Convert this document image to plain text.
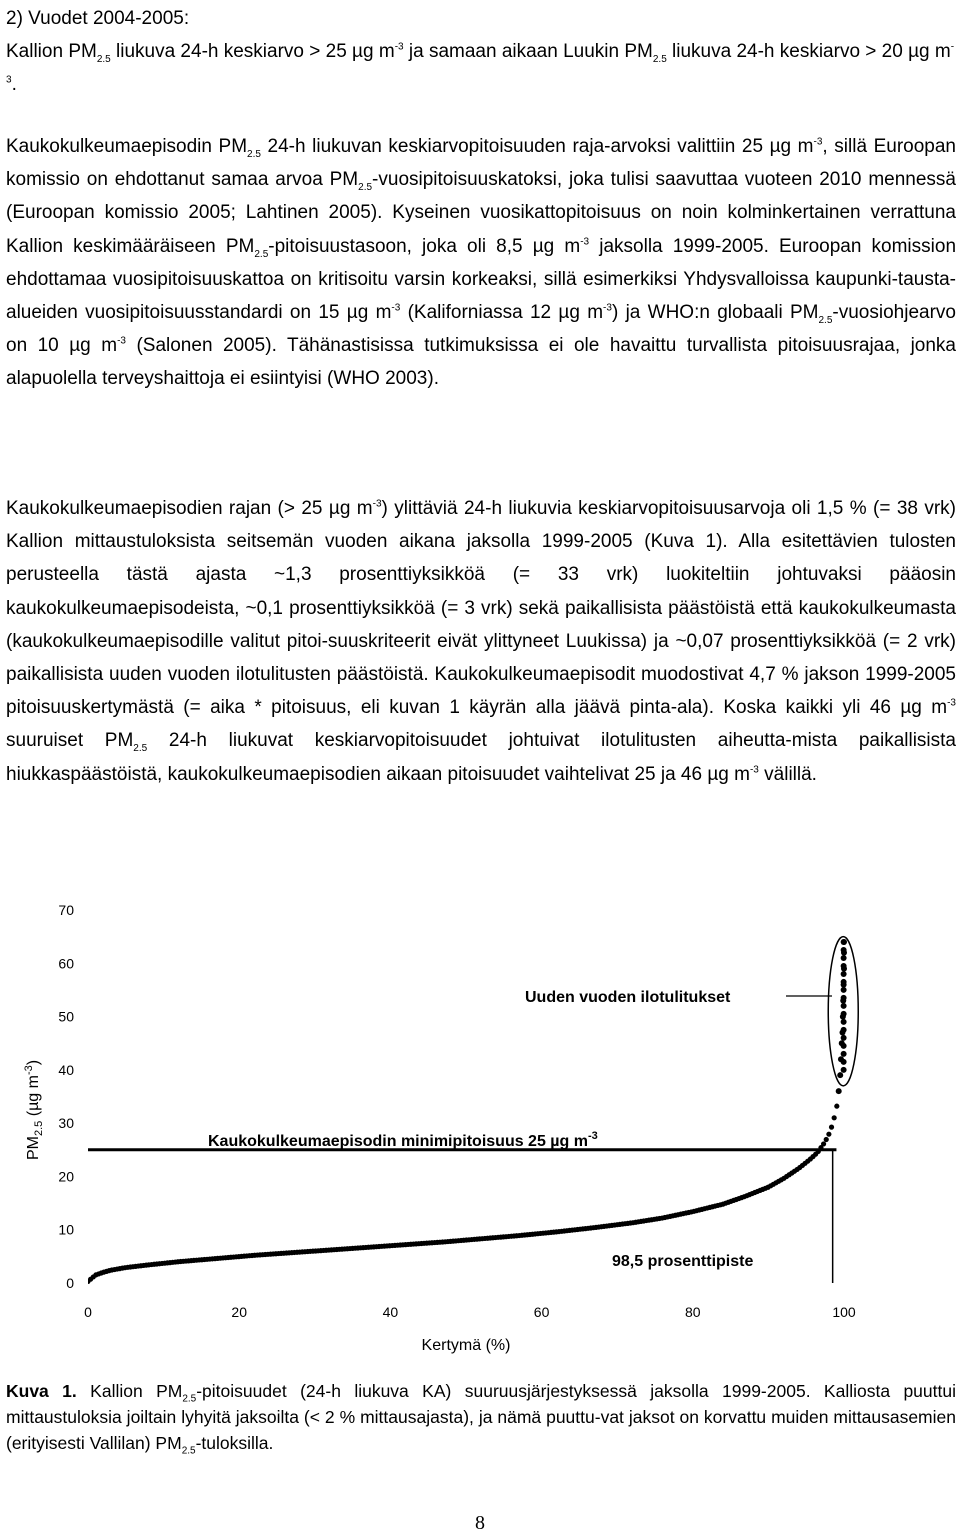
2) Vuodet 2004-2005:

Kallion $PM_{2.5}$ liukuva 24-h keskiarvo > 25 µg $m^{-3}$ ja samaan aikaan Luukin $PM_{2.5}$ liukuva 24-h keskiarvo > 20 µg $m^{-3}$.

Kaukokulkeumaepisodin $PM_{2.5}$ 24-h liukuvan keskiarvopitoisuuden raja-arvoksi valittiin 25 µg $m^{-3}$, sillä Euroopan komissio on ehdottanut samaa arvoa $PM_{2.5}$-vuosipitoisuuskatoksi, joka tulisi saavuttaa vuoteen 2010 mennessä (Euroopan komissio 2005; Lahtinen 2005). Kyseinen vuosikattopitoisuus on noin kolminkertainen verrattuna Kallion keskimääräiseen $PM_{2.5}$-pitoisuustasoon, joka oli 8,5 µg $m^{-3}$ jaksolla 1999-2005. Euroopan komission ehdottamaa vuosipitoisuuskattoa on kritisoitu varsin korkeaksi, sillä esimerkiksi Yhdysvalloissa kaupunki-tausta-alueiden vuosipitoisuusstandardi on 15 µg $m^{-3}$ (Kaliforniassa 12 µg $m^{-3}$) ja WHO:n globaali $PM_{2.5}$-vuosiohjearvo on 10 µg $m^{-3}$ (Salonen 2005). Tähänastisissa tutkimuksissa ei ole havaittu turvallista pitoisuusrajaa, jonka alapuolella terveyshaittoja ei esiintyisi (WHO 2003).

Kaukokulkeumaepisodien rajan (> 25 µg $m^{-3}$) ylittäviä 24-h liukuvia keskiarvopitoisuusarvoja oli 1,5 % (= 38 vrk) Kallion mittaustuloksista seitsemän vuoden aikana jaksolla 1999-2005 (Kuva 1). Alla esitettävien tulosten perusteella tästä ajasta ~1,3 prosenttiyksikköä (= 33 vrk) luokiteltiin johtuvaksi pääosin kaukokulkeumaepisodeista, ~0,1 prosenttiyksikköä (= 3 vrk) sekä paikallisista päästöistä että kaukokulkeumasta (kaukokulkeumaepisodille valitut pitoi-suuskriteerit eivät ylittyneet Luukissa) ja ~0,07 prosenttiyksikköä (= 2 vrk) paikallisista uuden vuoden ilotulitusten päästöistä. Kaukokulkeumaepisodit muodostivat 4,7 % jakson 1999-2005 pitoisuuskertymästä (= aika * pitoisuus, eli kuvan 1 käyrän alla jäävä pinta-ala). Koska kaikki yli 46 µg $m^{-3}$ suuruiset $PM_{2.5}$ 24-h liukuvat keskiarvopitoisuudet johtuivat ilotulitusten aiheutta-mista paikallisista hiukkaspäästöistä, kaukokulkeumaepisodien aikaan pitoisuudet vaihtelivat 25 ja 46 µg $m^{-3}$ välillä.

0
10
20
30
40
50
60
70
0	20	40	60	80	100
Uuden vuoden ilotulitukset
Kaukokulkeumaepisodin minimipitoisuus 25 µg $m^{-3}$
98,5 prosenttipiste
Kertymä (%)
$PM_{2.5}$ (µg $m^{-3}$)
Kuva 1. Kallion $PM_{2.5}$-pitoisuudet (24-h liukuva KA) suuruusjärjestyksessä jaksolla 1999-2005. Kalliosta puuttui mittaustuloksia joiltain lyhyitä jaksoilta (< 2 % mittausajasta), ja nämä puuttu-vat jaksot on korvattu muiden mittausasemien (erityisesti Vallilan) $PM_{2.5}$-tuloksilla.
8
